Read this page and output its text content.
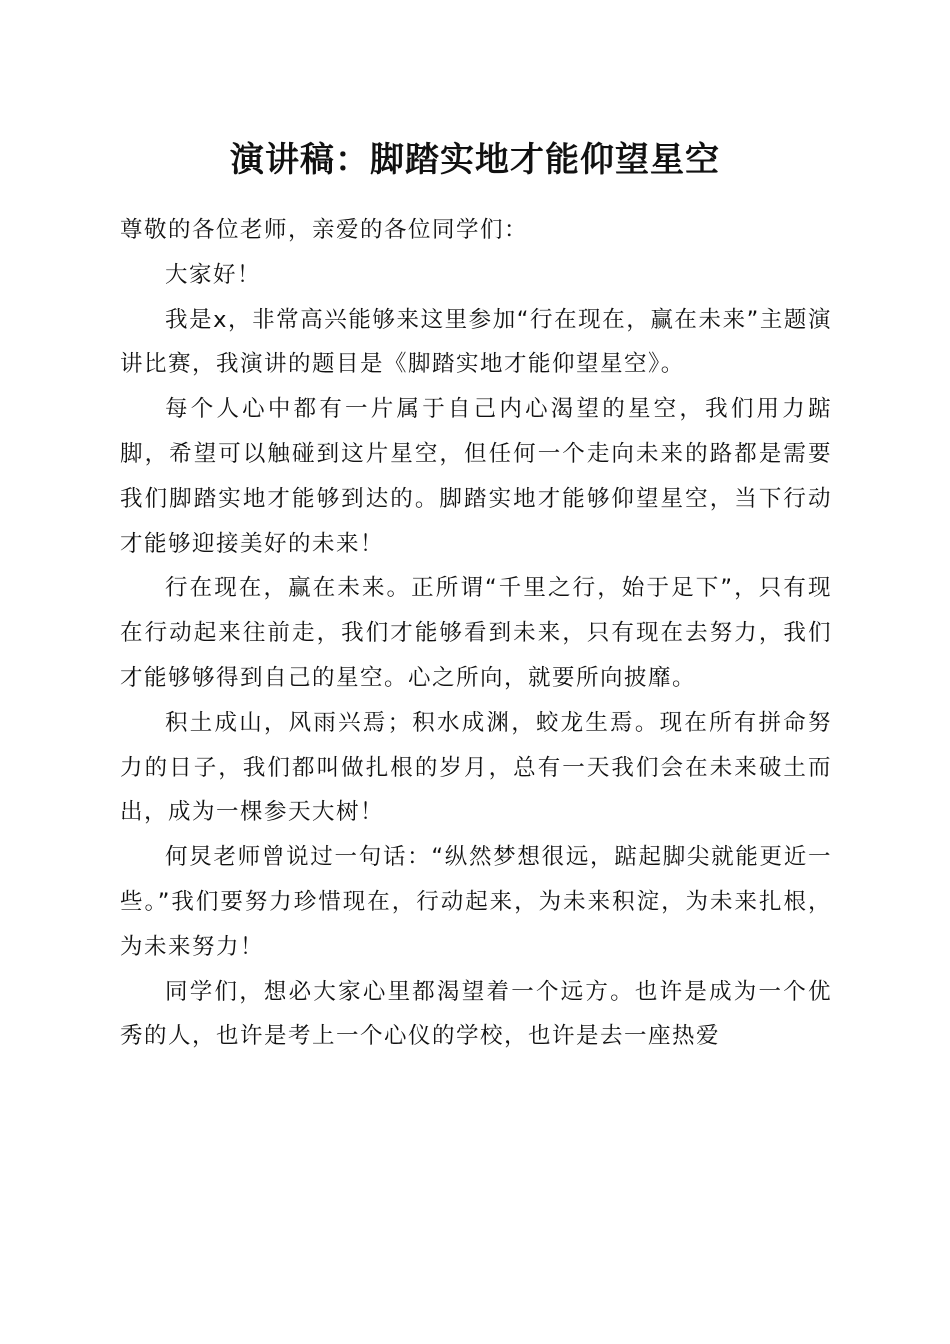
演讲稿：脚踏实地才能仰望星空

尊敬的各位老师，亲爱的各位同学们：

大家好！

我是x，非常高兴能够来这里参加“行在现在，赢在未来”主题演讲比赛，我演讲的题目是《脚踏实地才能仰望星空》。

每个人心中都有一片属于自己内心渴望的星空，我们用力踮脚，希望可以触碰到这片星空，但任何一个走向未来的路都是需要我们脚踏实地才能够到达的。脚踏实地才能够仰望星空，当下行动才能够迎接美好的未来！

行在现在，赢在未来。正所谓“千里之行，始于足下”，只有现在行动起来往前走，我们才能够看到未来，只有现在去努力，我们才能够够得到自己的星空。心之所向，就要所向披靡。

积土成山，风雨兴焉；积水成渊，蛟龙生焉。现在所有拼命努力的日子，我们都叫做扎根的岁月，总有一天我们会在未来破土而出，成为一棵参天大树！

何炅老师曾说过一句话：“纵然梦想很远，踮起脚尖就能更近一些。”我们要努力珍惜现在，行动起来，为未来积淀，为未来扎根，为未来努力！

同学们，想必大家心里都渴望着一个远方。也许是成为一个优秀的人，也许是考上一个心仪的学校，也许是去一座热爱
